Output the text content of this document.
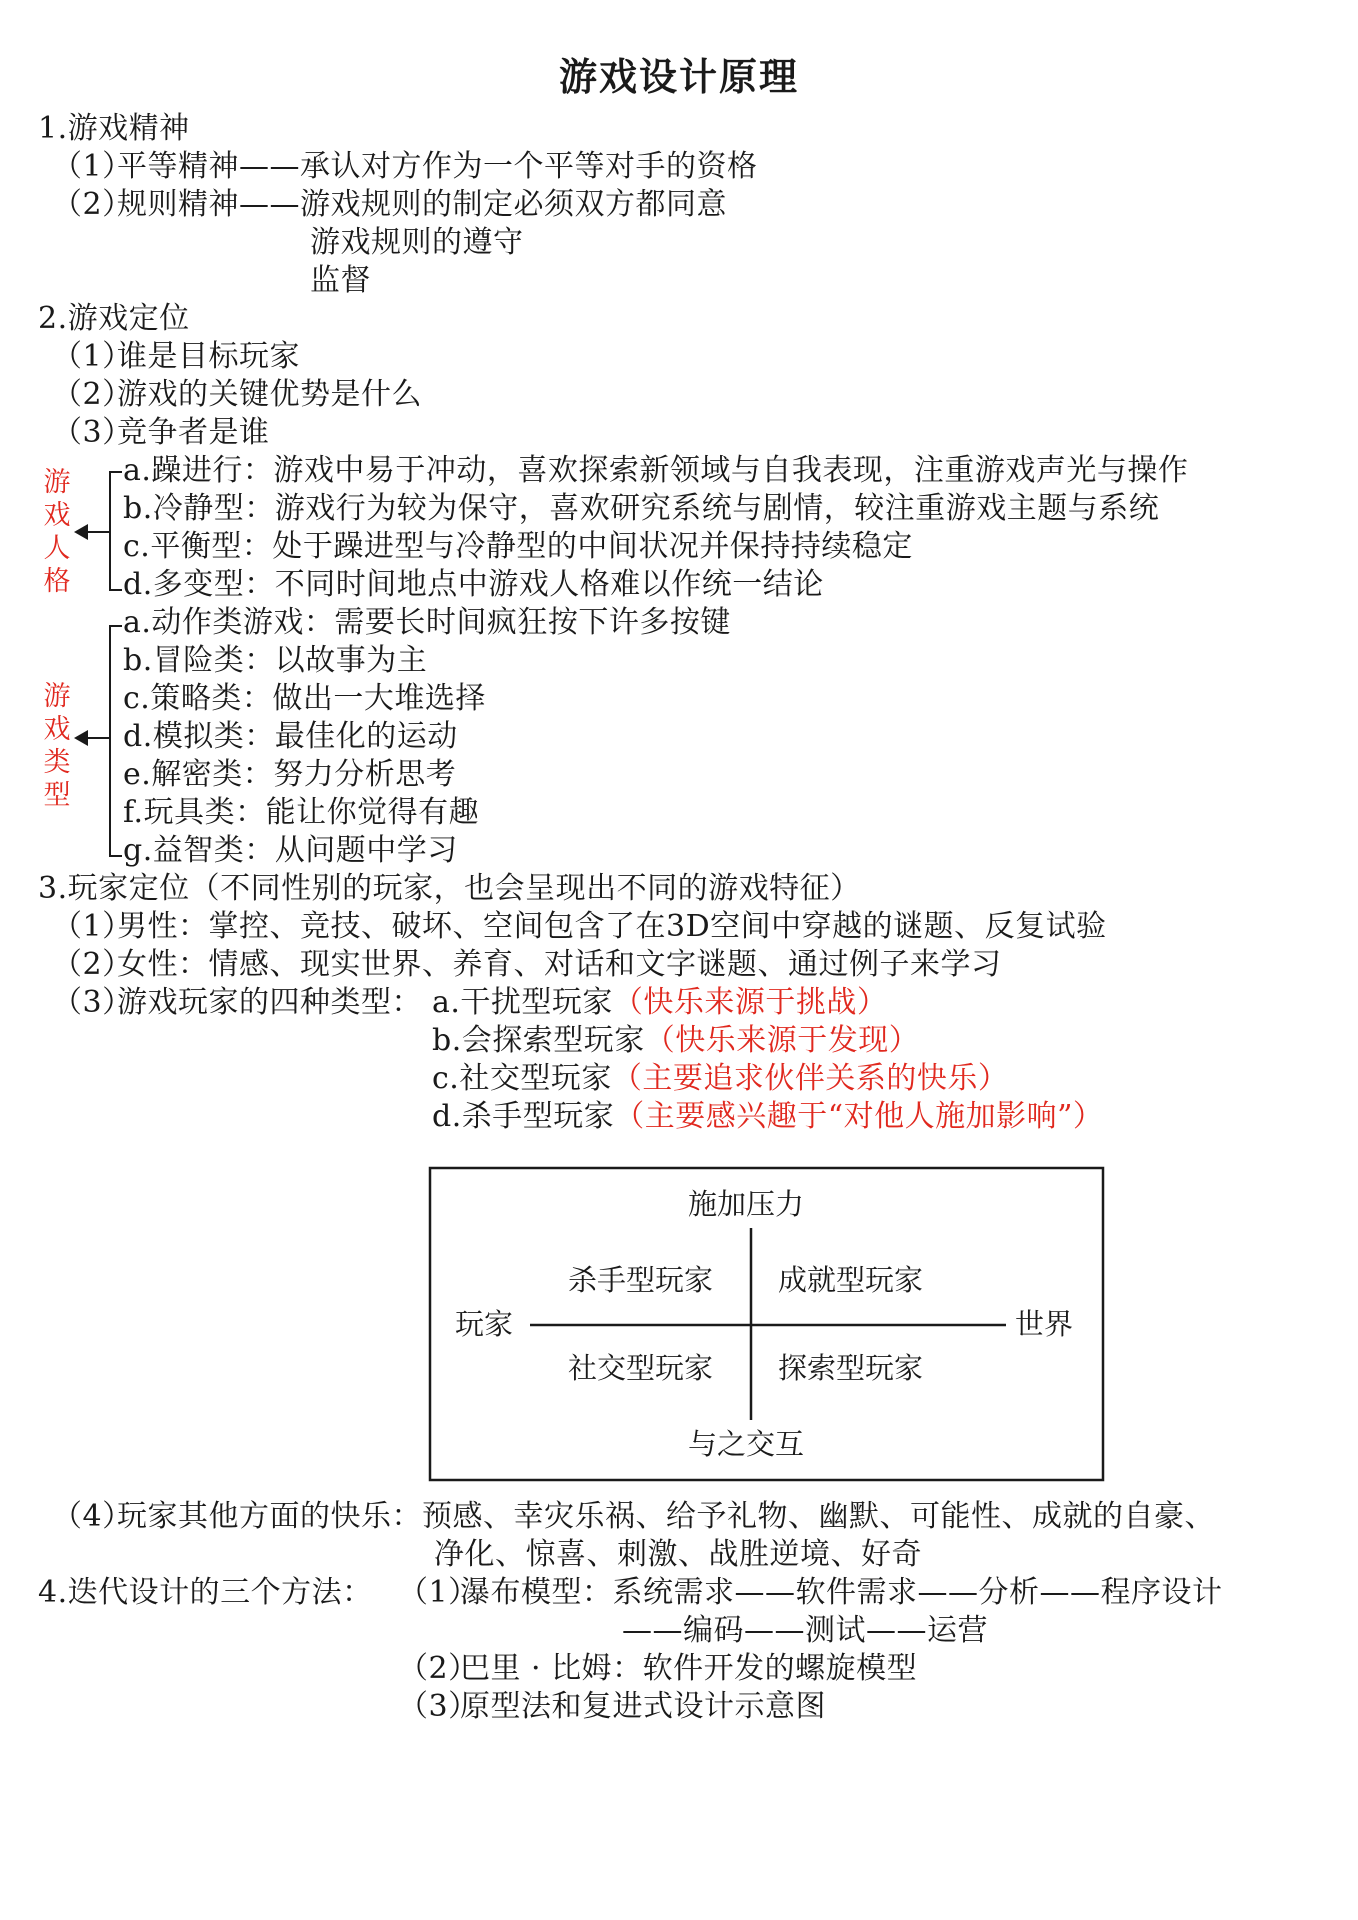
游戏设计原理
1.游戏精神
（1）
平等精神——承认对方作为一个平等对手的资格
（2）
规则精神——游戏规则的制定必须双方都同意
游戏规则的遵守
监督
2.游戏定位
（1）
谁是目标玩家
（2）
游戏的关键优势是什么
（3）
竞争者是谁
游戏人格
a.躁进行：游戏中易于冲动，喜欢探索新领域与自我表现，注重游戏声光与操作
b.冷静型：游戏行为较为保守，喜欢研究系统与剧情，较注重游戏主题与系统
c.平衡型：处于躁进型与冷静型的中间状况并保持持续稳定
d.多变型：不同时间地点中游戏人格难以作统一结论
游戏类型
a.动作类游戏：需要长时间疯狂按下许多按键
b.冒险类：以故事为主
c.策略类：做出一大堆选择
d.模拟类：最佳化的运动
e.解密类：努力分析思考
f.玩具类：能让你觉得有趣
g.益智类：从问题中学习
3.玩家定位（不同性别的玩家，也会呈现出不同的游戏特征）
（1）
男性：掌控、竞技、破坏、空间包含了在3D空间中穿越的谜题、反复试验
（2）
女性：情感、现实世界、养育、对话和文字谜题、通过例子来学习
（3）
游戏玩家的四种类型： a.干扰型玩家（快乐来源于挑战）
b.会探索型玩家（快乐来源于发现）
c.社交型玩家（主要追求伙伴关系的快乐）
d.杀手型玩家（主要感兴趣于“对他人施加影响”）
施加压力
与之交互
玩家	世界
杀手型玩家 成就型玩家
社交型玩家 探索型玩家
（4）
玩家其他方面的快乐：预感、幸灾乐祸、给予礼物、幽默、可能性、成就的自豪、
净化、惊喜、刺激、战胜逆境、好奇
4.迭代设计的三个方法： （1）
瀑布模型：系统需求——软件需求——分析——程序设计
——编码——测试——运营
（2）
巴里 · 比姆：软件开发的螺旋模型
（3）
原型法和复进式设计示意图
